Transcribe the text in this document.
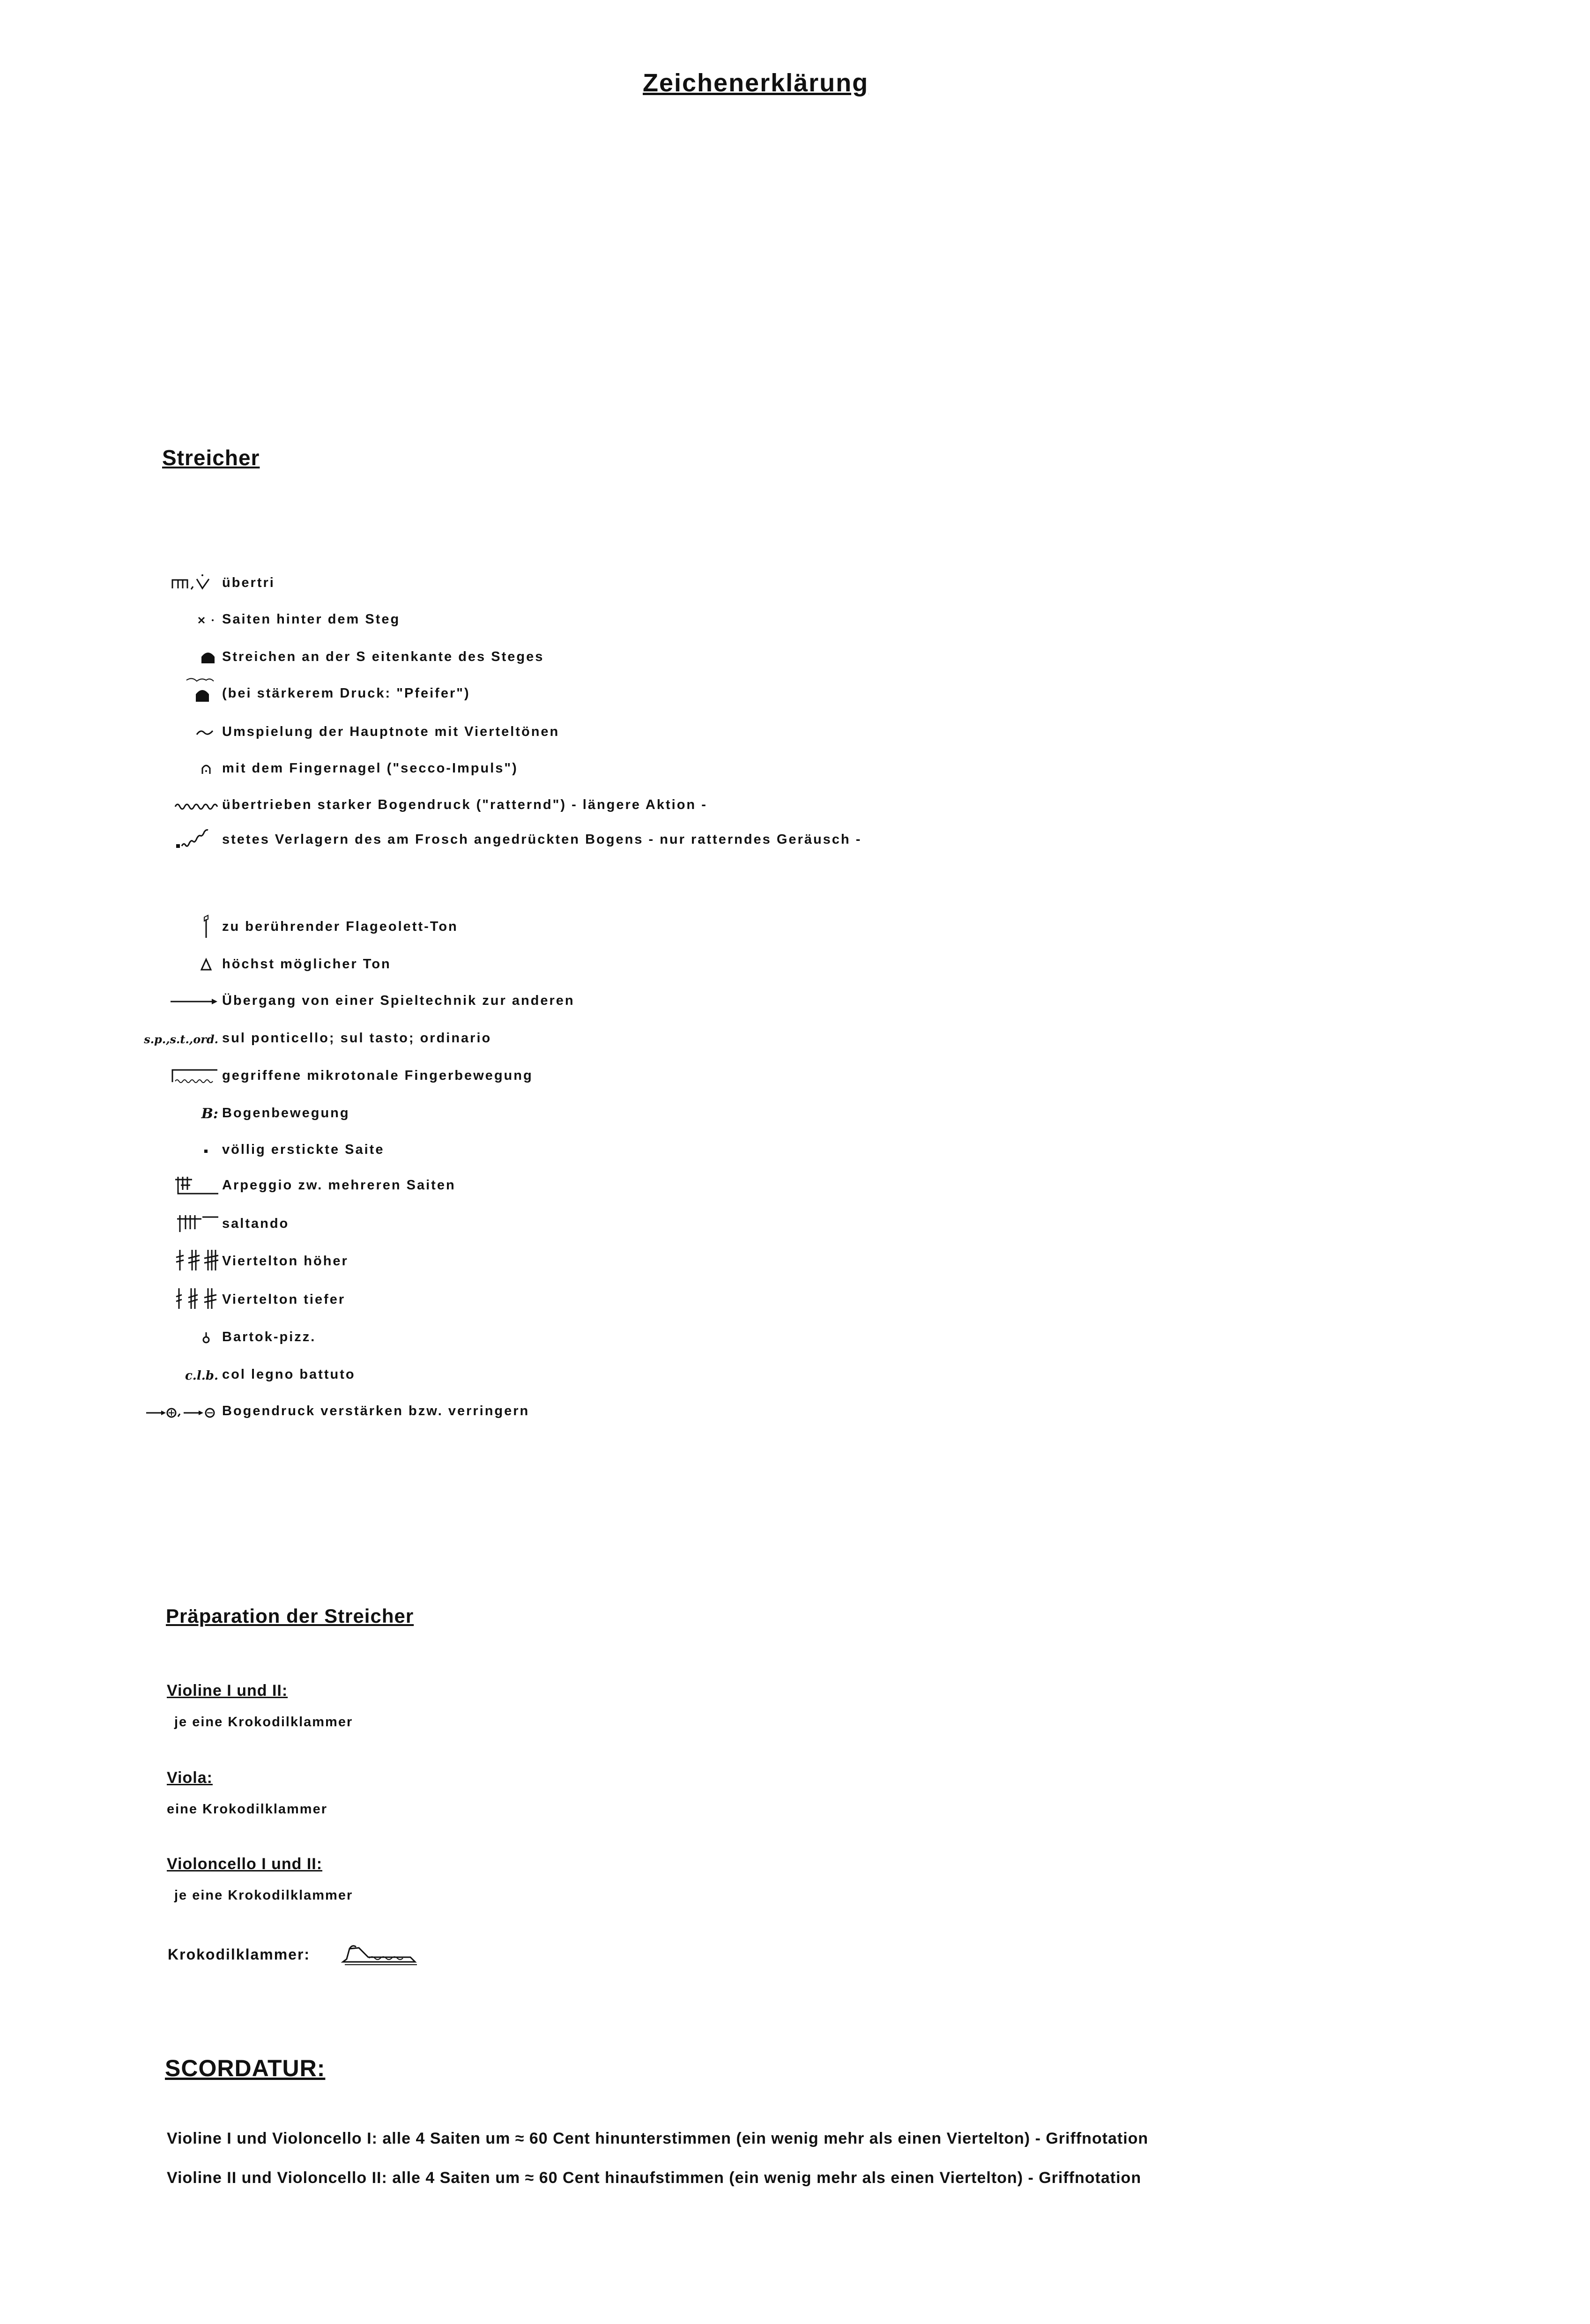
Zeichenerklärung
Streicher
übertri
Saiten hinter dem Steg
Streichen an der S eitenkante des Steges
(bei stärkerem Druck: "Pfeifer")
Umspielung der Hauptnote mit Vierteltönen
mit dem Fingernagel ("secco-Impuls")
übertrieben starker Bogendruck ("ratternd") - längere Aktion -
stetes Verlagern des am Frosch angedrückten Bogens - nur ratterndes Geräusch -
zu berührender Flageolett-Ton
höchst möglicher Ton
Übergang von einer Spieltechnik zur anderen
s.p.,s.t.,ord. sul ponticello; sul tasto; ordinario
gegriffene mikrotonale Fingerbewegung
B: Bogenbewegung
völlig erstickte Saite
Arpeggio zw. mehreren Saiten
saltando
Viertelton höher
Viertelton tiefer
Bartok-pizz.
c.l.b. col legno battuto
Bogendruck verstärken bzw. verringern
Präparation der Streicher
Violine I und II:
je eine Krokodilklammer
Viola:
eine Krokodilklammer
Violoncello I und II:
je eine Krokodilklammer
Krokodilklammer:
SCORDATUR:
Violine I und Violoncello I: alle 4 Saiten um ≈ 60 Cent hinunterstimmen (ein wenig mehr als einen Viertelton) - Griffnotation
Violine II und Violoncello II: alle 4 Saiten um ≈ 60 Cent hinaufstimmen (ein wenig mehr als einen Viertelton) - Griffnotation
